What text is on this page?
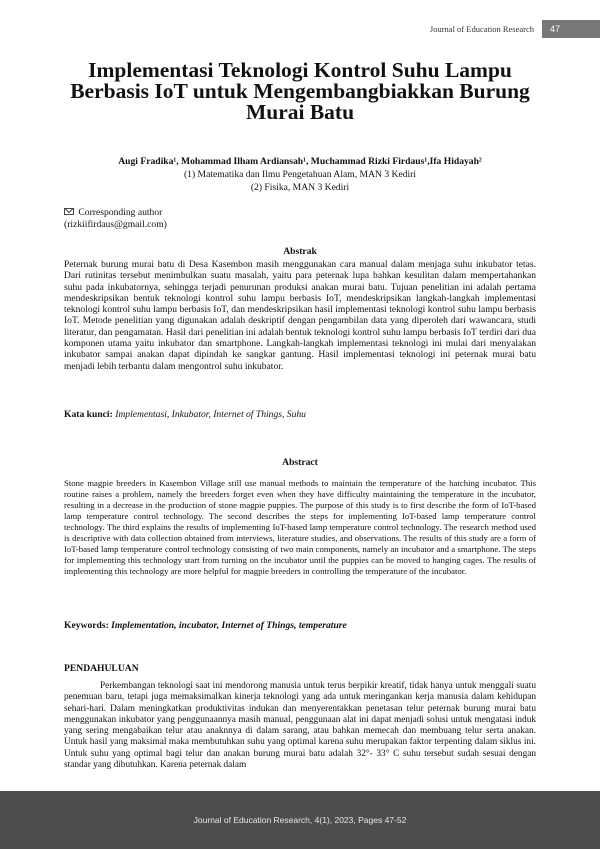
Journal of Education Research	47
Implementasi Teknologi Kontrol Suhu Lampu Berbasis IoT untuk Mengembangbiakkan Burung Murai Batu
Augi Fradika¹, Mohammad Ilham Ardiansah¹, Muchammad Rizki Firdaus¹,Ifa Hidayah²
(1) Matematika dan Ilmu Pengetahuan Alam, MAN 3 Kediri
(2) Fisika, MAN 3 Kediri
Corresponding author
(rizkiifirdaus@gmail.com)
Abstrak
Peternak burung murai batu di Desa Kasembon masih menggunakan cara manual dalam menjaga suhu inkubator tetas. Dari rutinitas tersebut menimbulkan suatu masalah, yaitu para peternak lupa bahkan kesulitan dalam mempertahankan suhu pada inkubatornya, sehingga terjadi penurunan produksi anakan murai batu. Tujuan penelitian ini adalah pertama mendeskripsikan bentuk teknologi kontrol suhu lampu berbasis IoT, mendeskripsikan langkah-langkah implementasi teknologi kontrol suhu lampu berbasis IoT, dan mendeskripsikan hasil implementasi teknologi kontrol suhu lampu berbasis IoT. Metode penelitian yang digunakan adalah deskriptif dengan pengambilan data yang diperoleh dari wawancara, studi literatur, dan pengamatan. Hasil dari penelitian ini adalah bentuk teknologi kontrol suhu lampu berbasis IoT terdiri dari dua komponen utama yaitu inkubator dan smartphone. Langkah-langkah implementasi teknologi ini mulai dari menyalakan inkubator sampai anakan dapat dipindah ke sangkar gantung. Hasil implementasi teknologi ini peternak murai batu menjadi lebih terbantu dalam mengontrol suhu inkubator.
Kata kunci: Implementasi, Inkubator, Internet of Things, Suhu
Abstract
Stone magpie breeders in Kasembon Village still use manual methods to maintain the temperature of the hatching incubator. This routine raises a problem, namely the breeders forget even when they have difficulty maintaining the temperature in the incubator, resulting in a decrease in the production of stone magpie puppies. The purpose of this study is to first describe the form of IoT-based lamp temperature control technology. The second describes the steps for implementing IoT-based lamp temperature control technology. The third explains the results of implementing IoT-based lamp temperature control technology. The research method used is descriptive with data collection obtained from interviews, literature studies, and observations. The results of this study are a form of IoT-based lamp temperature control technology consisting of two main components, namely an incubator and a smartphone. The steps for implementing this technology start from turning on the incubator until the puppies can be moved to hanging cages. The results of implementing this technology are more helpful for magpie breeders in controlling the temperature of the incubator.
Keywords: Implementation, incubator, Internet of Things, temperature
PENDAHULUAN
Perkembangan teknologi saat ini mendorong manusia untuk terus berpikir kreatif, tidak hanya untuk menggali suatu penemuan baru, tetapi juga memaksimalkan kinerja teknologi yang ada untuk meringankan kerja manusia dalam kehidupan sehari-hari. Dalam meningkatkan produktivitas indukan dan menyerentakkan penetasan telur peternak burung murai batu menggunakan inkubator yang penggunaannya masih manual, penggunaan alat ini dapat menjadi solusi untuk mengatasi induk yang sering mengabaikan telur atau anaknnya di dalam sarang, atau bahkan memecah dan membuang telur serta anakan. Untuk hasil yang maksimal maka membutuhkan suhu yang optimal karena suhu merupakan faktor terpenting dalam siklus ini. Untuk suhu yang optimal bagi telur dan anakan burung murai batu adalah 32°- 33° C suhu tersebut sudah sesuai dengan standar yang dibutuhkan. Karena peternak dalam
Journal of Education Research, 4(1), 2023, Pages 47-52
